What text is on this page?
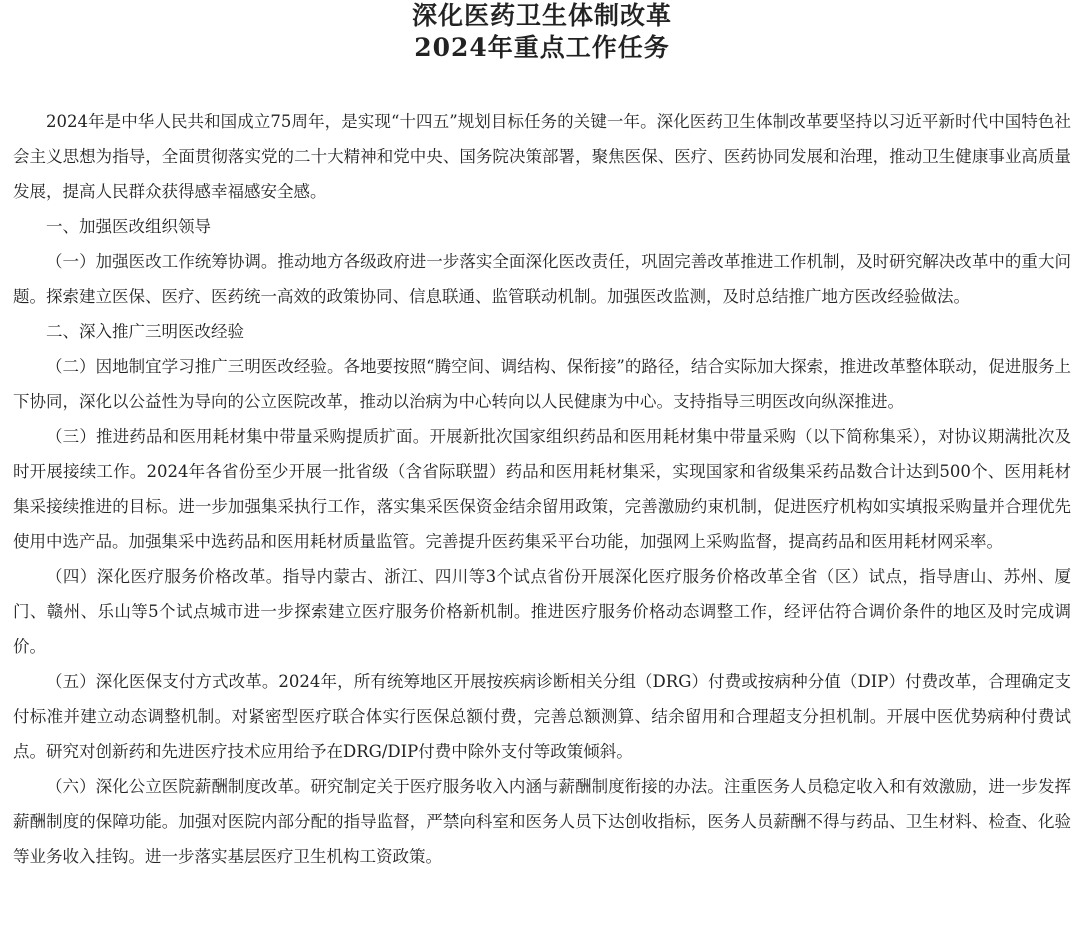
深化医药卫生体制改革
2024年重点工作任务

2024年是中华人民共和国成立75周年，是实现“十四五”规划目标任务的关键一年。深化医药卫生体制改革要坚持以习近平新时代中国特色社会主义思想为指导，全面贯彻落实党的二十大精神和党中央、国务院决策部署，聚焦医保、医疗、医药协同发展和治理，推动卫生健康事业高质量发展，提高人民群众获得感幸福感安全感。

一、加强医改组织领导

（一）加强医改工作统筹协调。推动地方各级政府进一步落实全面深化医改责任，巩固完善改革推进工作机制，及时研究解决改革中的重大问题。探索建立医保、医疗、医药统一高效的政策协同、信息联通、监管联动机制。加强医改监测，及时总结推广地方医改经验做法。

二、深入推广三明医改经验

（二）因地制宜学习推广三明医改经验。各地要按照“腾空间、调结构、保衔接”的路径，结合实际加大探索，推进改革整体联动，促进服务上下协同，深化以公益性为导向的公立医院改革，推动以治病为中心转向以人民健康为中心。支持指导三明医改向纵深推进。

（三）推进药品和医用耗材集中带量采购提质扩面。开展新批次国家组织药品和医用耗材集中带量采购（以下简称集采），对协议期满批次及时开展接续工作。2024年各省份至少开展一批省级（含省际联盟）药品和医用耗材集采，实现国家和省级集采药品数合计达到500个、医用耗材集采接续推进的目标。进一步加强集采执行工作，落实集采医保资金结余留用政策，完善激励约束机制，促进医疗机构如实填报采购量并合理优先使用中选产品。加强集采中选药品和医用耗材质量监管。完善提升医药集采平台功能，加强网上采购监督，提高药品和医用耗材网采率。

（四）深化医疗服务价格改革。指导内蒙古、浙江、四川等3个试点省份开展深化医疗服务价格改革全省（区）试点，指导唐山、苏州、厦门、赣州、乐山等5个试点城市进一步探索建立医疗服务价格新机制。推进医疗服务价格动态调整工作，经评估符合调价条件的地区及时完成调价。

（五）深化医保支付方式改革。2024年，所有统筹地区开展按疾病诊断相关分组（DRG）付费或按病种分值（DIP）付费改革，合理确定支付标准并建立动态调整机制。对紧密型医疗联合体实行医保总额付费，完善总额测算、结余留用和合理超支分担机制。开展中医优势病种付费试点。研究对创新药和先进医疗技术应用给予在DRG/DIP付费中除外支付等政策倾斜。

（六）深化公立医院薪酬制度改革。研究制定关于医疗服务收入内涵与薪酬制度衔接的办法。注重医务人员稳定收入和有效激励，进一步发挥薪酬制度的保障功能。加强对医院内部分配的指导监督，严禁向科室和医务人员下达创收指标，医务人员薪酬不得与药品、卫生材料、检查、化验等业务收入挂钩。进一步落实基层医疗卫生机构工资政策。
